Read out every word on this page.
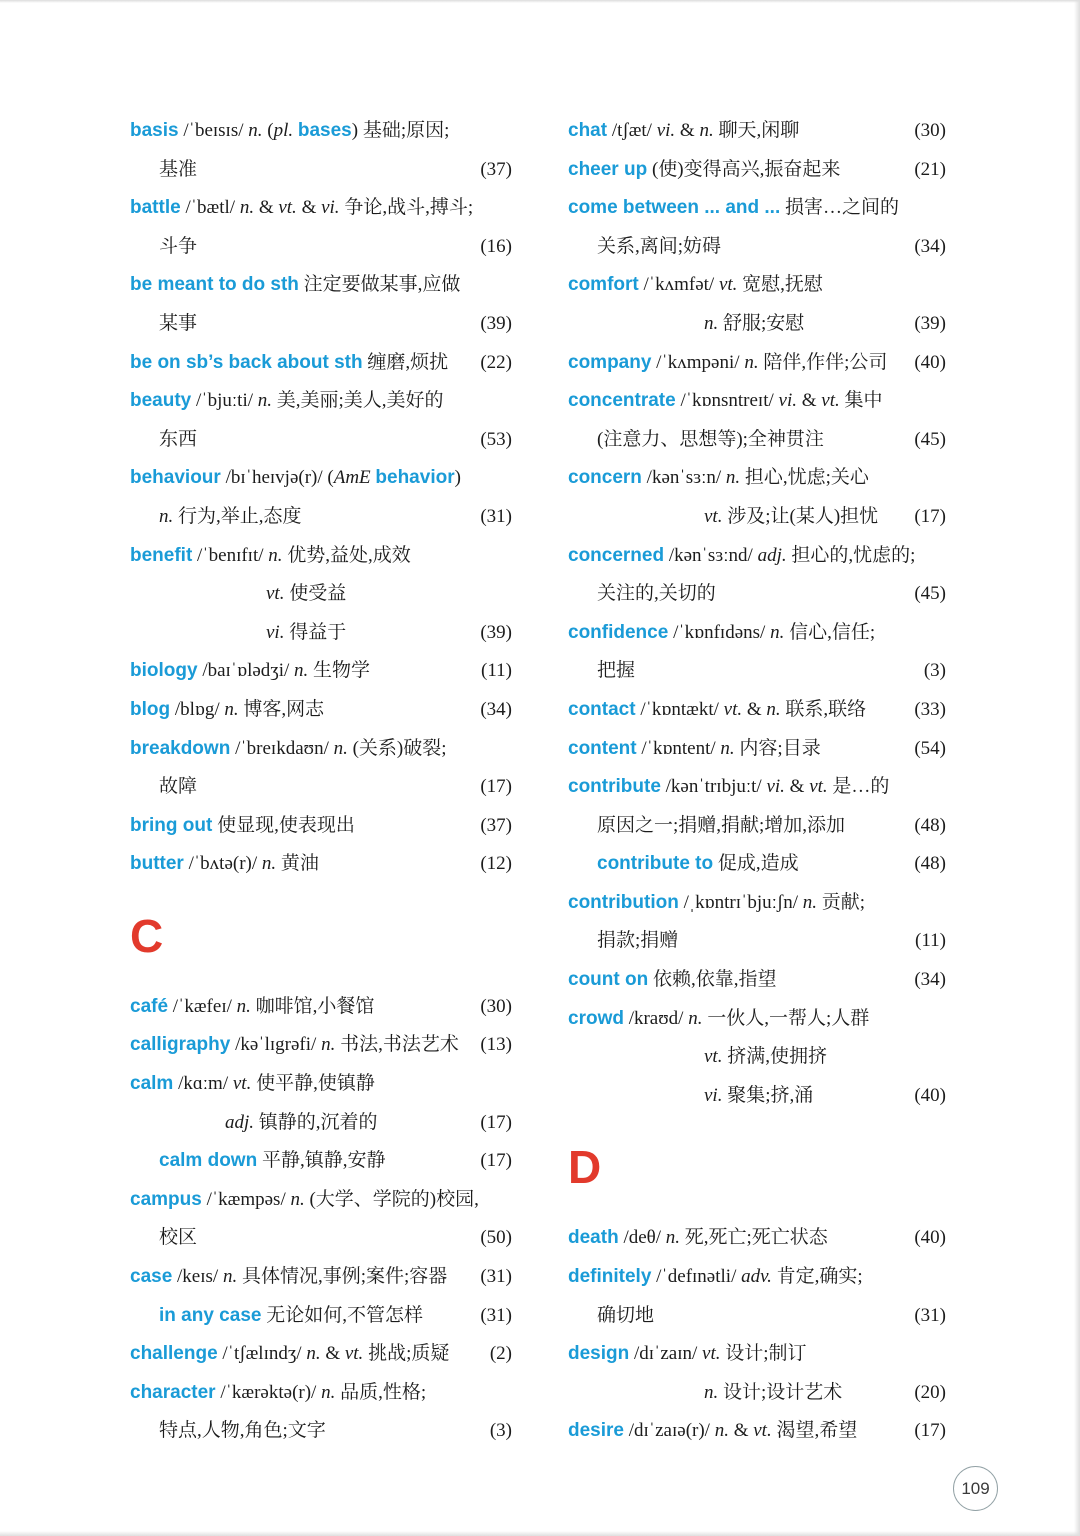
basis /ˈbeɪsɪs/ n. (pl. bases) 基础;原因;
基准	(37)
battle /ˈbætl/ n. & vt. & vi. 争论,战斗,搏斗;
斗争	(16)
be meant to do sth 注定要做某事,应做
某事	(39)
be on sb’s back about sth 缠磨,烦扰	(22)
beauty /ˈbjuːti/ n. 美,美丽;美人,美好的
东西	(53)
behaviour /bɪˈheɪvjə(r)/ (AmE behavior)
n. 行为,举止,态度	(31)
benefit /ˈbenɪfɪt/ n. 优势,益处,成效
vt. 使受益
vi. 得益于	(39)
biology /baɪˈɒlədʒi/ n. 生物学	(11)
blog /blɒg/ n. 博客,网志	(34)
breakdown /ˈbreɪkdaʊn/ n. (关系)破裂;
故障	(17)
bring out 使显现,使表现出	(37)
butter /ˈbʌtə(r)/ n. 黄油	(12)
C
café /ˈkæfeɪ/ n. 咖啡馆,小餐馆	(30)
calligraphy /kəˈlɪgrəfi/ n. 书法,书法艺术	(13)
calm /kɑːm/ vt. 使平静,使镇静
adj. 镇静的,沉着的	(17)
calm down 平静,镇静,安静	(17)
campus /ˈkæmpəs/ n. (大学、学院的)校园,
校区	(50)
case /keɪs/ n. 具体情况,事例;案件;容器	(31)
in any case 无论如何,不管怎样	(31)
challenge /ˈtʃælɪndʒ/ n. & vt. 挑战;质疑	(2)
character /ˈkærəktə(r)/ n. 品质,性格;
特点,人物,角色;文字	(3)
chat /tʃæt/ vi. & n. 聊天,闲聊	(30)
cheer up (使)变得高兴,振奋起来	(21)
come between ... and ... 损害…之间的
关系,离间;妨碍	(34)
comfort /ˈkʌmfət/ vt. 宽慰,抚慰
n. 舒服;安慰	(39)
company /ˈkʌmpəni/ n. 陪伴,作伴;公司	(40)
concentrate /ˈkɒnsntreɪt/ vi. & vt. 集中
(注意力、思想等);全神贯注	(45)
concern /kənˈsɜːn/ n. 担心,忧虑;关心
vt. 涉及;让(某人)担忧	(17)
concerned /kənˈsɜːnd/ adj. 担心的,忧虑的;
关注的,关切的	(45)
confidence /ˈkɒnfɪdəns/ n. 信心,信任;
把握	(3)
contact /ˈkɒntækt/ vt. & n. 联系,联络	(33)
content /ˈkɒntent/ n. 内容;目录	(54)
contribute /kənˈtrɪbjuːt/ vi. & vt. 是…的
原因之一;捐赠,捐献;增加,添加	(48)
contribute to 促成,造成	(48)
contribution /ˌkɒntrɪˈbjuːʃn/ n. 贡献;
捐款;捐赠	(11)
count on 依赖,依靠,指望	(34)
crowd /kraʊd/ n. 一伙人,一帮人;人群
vt. 挤满,使拥挤
vi. 聚集;挤,涌	(40)
D
death /deθ/ n. 死,死亡;死亡状态	(40)
definitely /ˈdefɪnətli/ adv. 肯定,确实;
确切地	(31)
design /dɪˈzaɪn/ vt. 设计;制订
n. 设计;设计艺术	(20)
desire /dɪˈzaɪə(r)/ n. & vt. 渴望,希望	(17)
109
